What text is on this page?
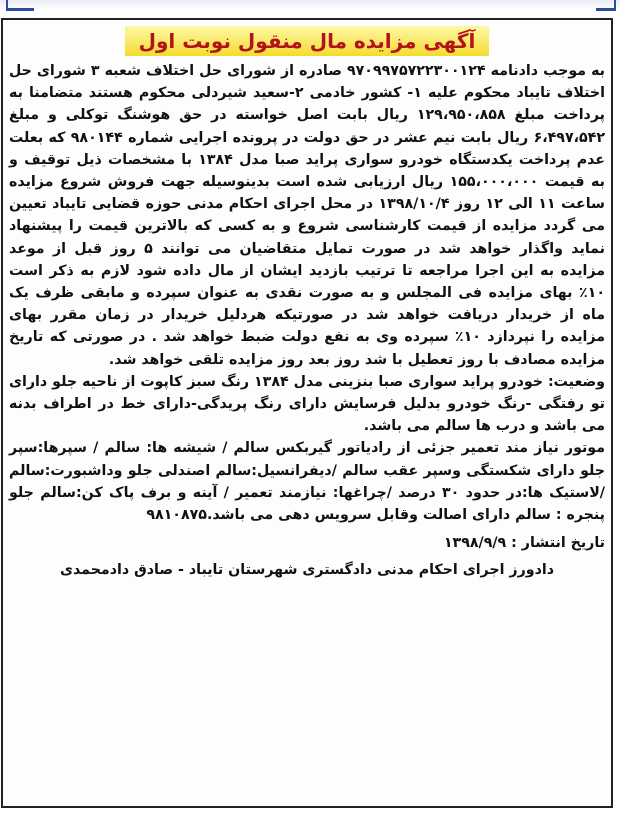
آگهی مزایده مال منقول نوبت اول

به موجب دادنامه ۹۷۰۹۹۷۵۷۲۲۳۰۰۱۲۴ صادره از شورای حل اختلاف شعبه ۳ شورای حل اختلاف تایباد محکوم علیه ۱- کشور خادمی ۲-سعید شیردلی محکوم هستند متضامنا به پرداخت مبلغ ۱۲۹،۹۵۰،۸۵۸ ریال بابت اصل خواسته در حق هوشنگ توکلی و مبلغ ۶،۴۹۷،۵۴۲ ریال بابت نیم عشر در حق دولت در پرونده اجرایی شماره ۹۸۰۱۴۴ که بعلت عدم پرداخت یکدستگاه خودرو سواری پراید صبا مدل ۱۳۸۴ با مشخصات ذیل توقیف و به قیمت ۱۵۵،۰۰۰،۰۰۰ ریال ارزیابی شده است بدینوسیله جهت فروش شروع مزایده ساعت ۱۱ الی ۱۲ روز ۱۳۹۸/۱۰/۴ در محل اجرای احکام مدنی حوزه قضایی تایباد تعیین می گردد مزایده از قیمت کارشناسی شروع و به کسی که بالاترین قیمت را پیشنهاد نماید واگذار خواهد شد در صورت تمایل متقاضیان می توانند ۵ روز قبل از موعد مزایده به این اجرا مراجعه تا ترتیب بازدید ایشان از مال داده شود لازم به ذکر است ۱۰٪ بهای مزایده فی المجلس و به صورت نقدی به عنوان سپرده و مابقی ظرف یک ماه از خریدار دریافت خواهد شد در صورتیکه هردلیل خریدار در زمان مقرر بهای مزایده را نپردازد ۱۰٪ سپرده وی به نفع دولت ضبط خواهد شد . در صورتی که تاریخ مزایده مصادف با روز تعطیل با شد روز بعد روز مزایده تلقی خواهد شد.

وضعیت: خودرو پراید سواری صبا بنزینی مدل ۱۳۸۴ رنگ سبز کاپوت از ناحیه جلو دارای تو رفتگی -رنگ خودرو بدلیل فرسایش دارای رنگ پریدگی-دارای خط در اطراف بدنه می باشد و درب ها سالم می باشد.

موتور نیاز مند تعمیر جزئی از رادیاتور گیربکس سالم / شیشه ها: سالم / سپرها:سپر جلو دارای شکستگی وسپر عقب سالم /دیفرانسیل:سالم اصندلی جلو وداشبورت:سالم /لاستیک ها:در حدود ۳۰ درصد /چراغها: نیازمند تعمیر / آینه و برف پاک کن:سالم جلو پنجره : سالم دارای اصالت وقابل سرویس دهی می باشد.۹۸۱۰۸۷۵

تاریخ انتشار : ۱۳۹۸/۹/۹

دادورز اجرای احکام مدنی دادگستری شهرستان تایباد - صادق دادمحمدی
